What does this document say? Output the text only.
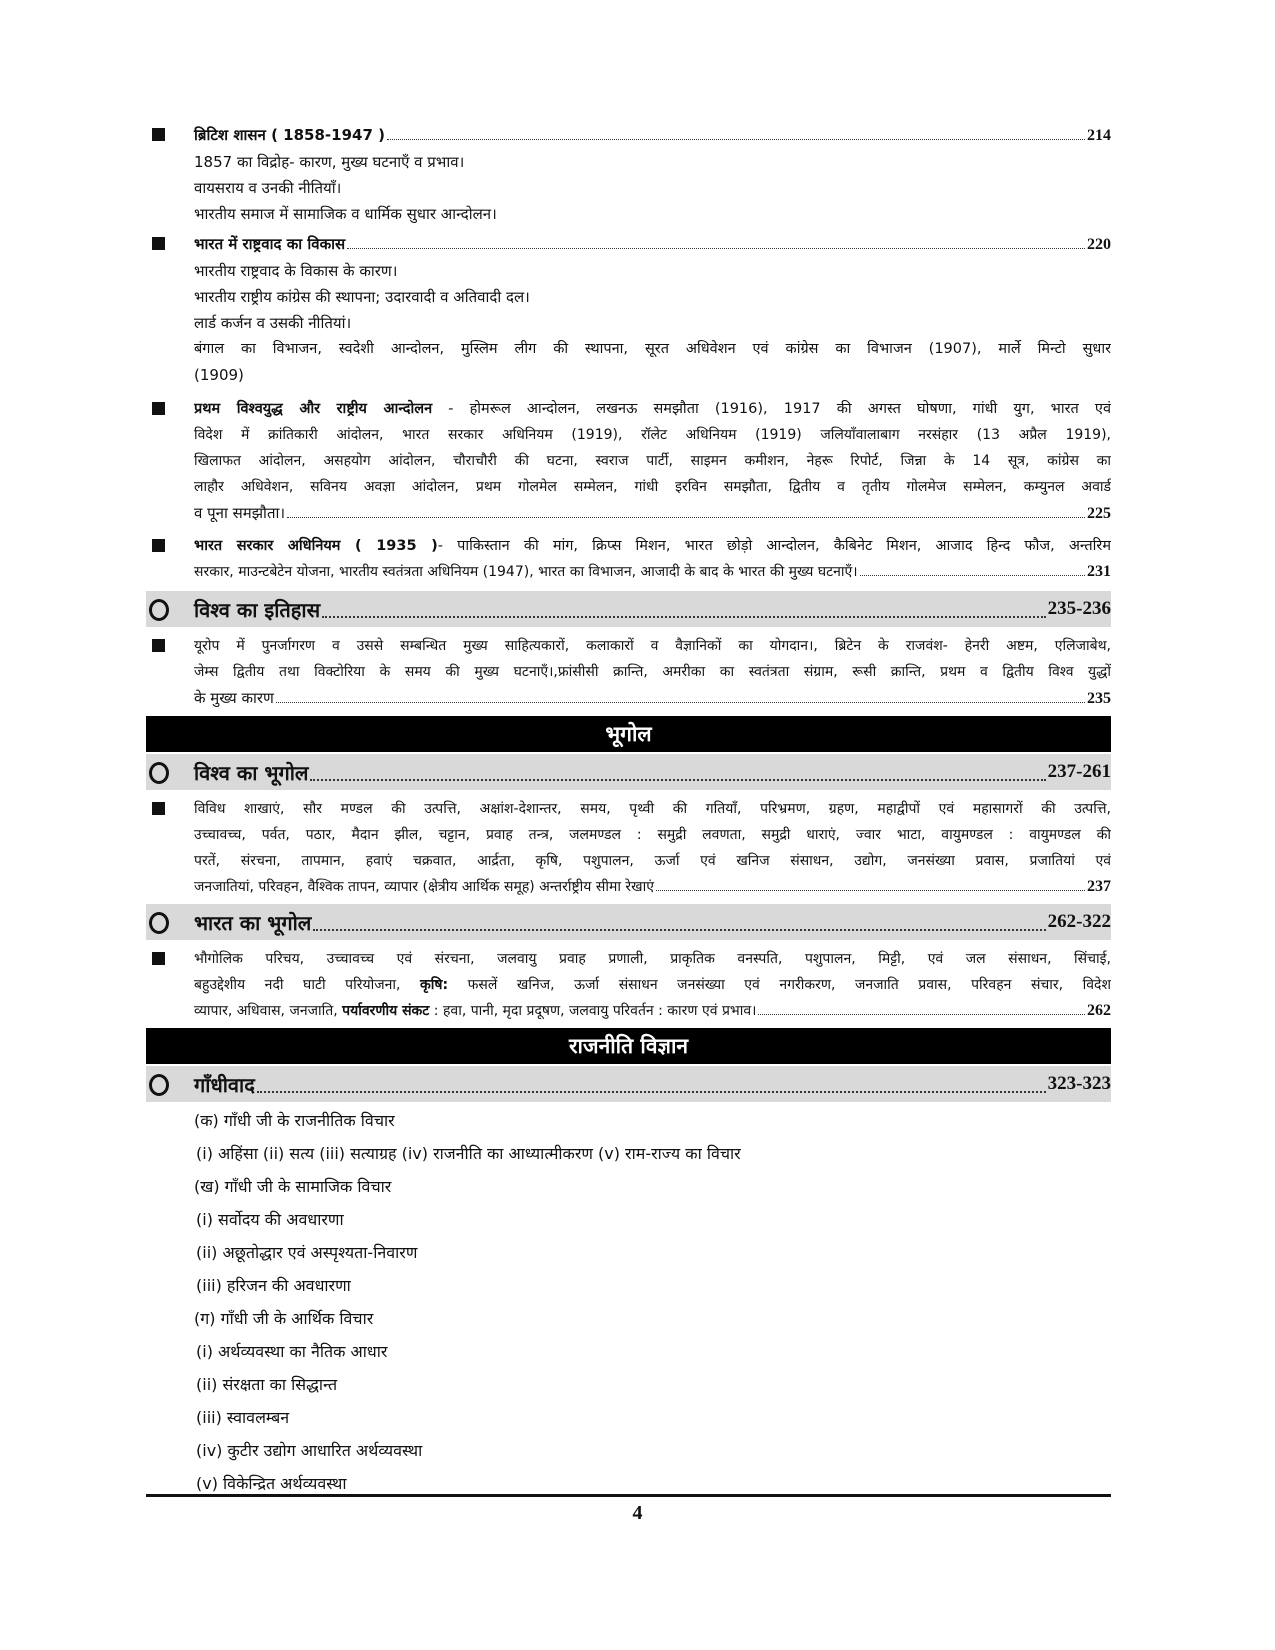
ब्रिटिश शासन ( 1858-1947 )	214
1857 का विद्रोह- कारण, मुख्य घटनाएँ व प्रभाव।
वायसराय व उनकी नीतियाँ।
भारतीय समाज में सामाजिक व धार्मिक सुधार आन्दोलन।
भारत में राष्ट्रवाद का विकास	220
भारतीय राष्ट्रवाद के विकास के कारण।
भारतीय राष्ट्रीय कांग्रेस की स्थापना; उदारवादी व अतिवादी दल।
लार्ड कर्जन व उसकी नीतियां।
बंगाल का विभाजन, स्वदेशी आन्दोलन, मुस्लिम लीग की स्थापना, सूरत अधिवेशन एवं कांग्रेस का विभाजन (1907), मार्ले मिन्टो सुधार
(1909)
प्रथम विश्वयुद्ध और राष्ट्रीय आन्दोलन - होमरूल आन्दोलन, लखनऊ समझौता (1916), 1917 की अगस्त घोषणा, गांधी युग, भारत एवं
विदेश में क्रांतिकारी आंदोलन, भारत सरकार अधिनियम (1919), रॉलेट अधिनियम (1919) जलियाँवालाबाग नरसंहार (13 अप्रैल 1919),
खिलाफत आंदोलन, असहयोग आंदोलन, चौराचौरी की घटना, स्वराज पार्टी, साइमन कमीशन, नेहरू रिपोर्ट, जिन्ना के 14 सूत्र, कांग्रेस का
लाहौर अधिवेशन, सविनय अवज्ञा आंदोलन, प्रथम गोलमेल सम्मेलन, गांधी इरविन समझौता, द्वितीय व तृतीय गोलमेज सम्मेलन, कम्युनल अवार्ड
व पूना समझौता।	225
भारत सरकार अधिनियम ( 1935 )- पाकिस्तान की मांग, क्रिप्स मिशन, भारत छोड़ो आन्दोलन, कैबिनेट मिशन, आजाद हिन्द फौज, अन्तरिम
सरकार, माउन्टबेटेन योजना, भारतीय स्वतंत्रता अधिनियम (1947), भारत का विभाजन, आजादी के बाद के भारत की मुख्य घटनाएँ।	231
विश्व का इतिहास	235-236
यूरोप में पुनर्जागरण व उससे सम्बन्धित मुख्य साहित्यकारों, कलाकारों व वैज्ञानिकों का योगदान।, ब्रिटेन के राजवंश- हेनरी अष्टम, एलिजाबेथ,
जेम्स द्वितीय तथा विक्टोरिया के समय की मुख्य घटनाएँ।,फ्रांसीसी क्रान्ति, अमरीका का स्वतंत्रता संग्राम, रूसी क्रान्ति, प्रथम व द्वितीय विश्व युद्धों
के मुख्य कारण	235
भूगोल
विश्व का भूगोल	237-261
विविध शाखाएं, सौर मण्डल की उत्पत्ति, अक्षांश-देशान्तर, समय, पृथ्वी की गतियाँ, परिभ्रमण, ग्रहण, महाद्वीपों एवं महासागरों की उत्पत्ति,
उच्चावच्च, पर्वत, पठार, मैदान झील, चट्टान, प्रवाह तन्त्र, जलमण्डल : समुद्री लवणता, समुद्री धाराएं, ज्वार भाटा, वायुमण्डल : वायुमण्डल की
परतें, संरचना, तापमान, हवाएं चक्रवात, आर्द्रता, कृषि, पशुपालन, ऊर्जा एवं खनिज संसाधन, उद्योग, जनसंख्या प्रवास, प्रजातियां एवं
जनजातियां, परिवहन, वैश्विक तापन, व्यापार (क्षेत्रीय आर्थिक समूह) अन्तर्राष्ट्रीय सीमा रेखाएं	237
भारत का भूगोल	262-322
भौगोलिक परिचय, उच्चावच्च एवं संरचना, जलवायु प्रवाह प्रणाली, प्राकृतिक वनस्पति, पशुपालन, मिट्टी, एवं जल संसाधन, सिंचाई,
बहुउद्देशीय नदी घाटी परियोजना, कृषि: फसलें खनिज, ऊर्जा संसाधन जनसंख्या एवं नगरीकरण, जनजाति प्रवास, परिवहन संचार, विदेश
व्यापार, अधिवास, जनजाति, पर्यावरणीय संकट : हवा, पानी, मृदा प्रदूषण, जलवायु परिवर्तन : कारण एवं प्रभाव।	262
राजनीति विज्ञान
गाँधीवाद	323-323
(क) गाँधी जी के राजनीतिक विचार
(i) अहिंसा (ii) सत्य (iii) सत्याग्रह (iv) राजनीति का आध्यात्मीकरण (v) राम-राज्य का विचार
(ख) गाँधी जी के सामाजिक विचार
(i) सर्वोदय की अवधारणा
(ii) अछूतोद्धार एवं अस्पृश्यता-निवारण
(iii) हरिजन की अवधारणा
(ग) गाँधी जी के आर्थिक विचार
(i) अर्थव्यवस्था का नैतिक आधार
(ii) संरक्षता का सिद्धान्त
(iii) स्वावलम्बन
(iv) कुटीर उद्योग आधारित अर्थव्यवस्था
(v) विकेन्द्रित अर्थव्यवस्था
4
